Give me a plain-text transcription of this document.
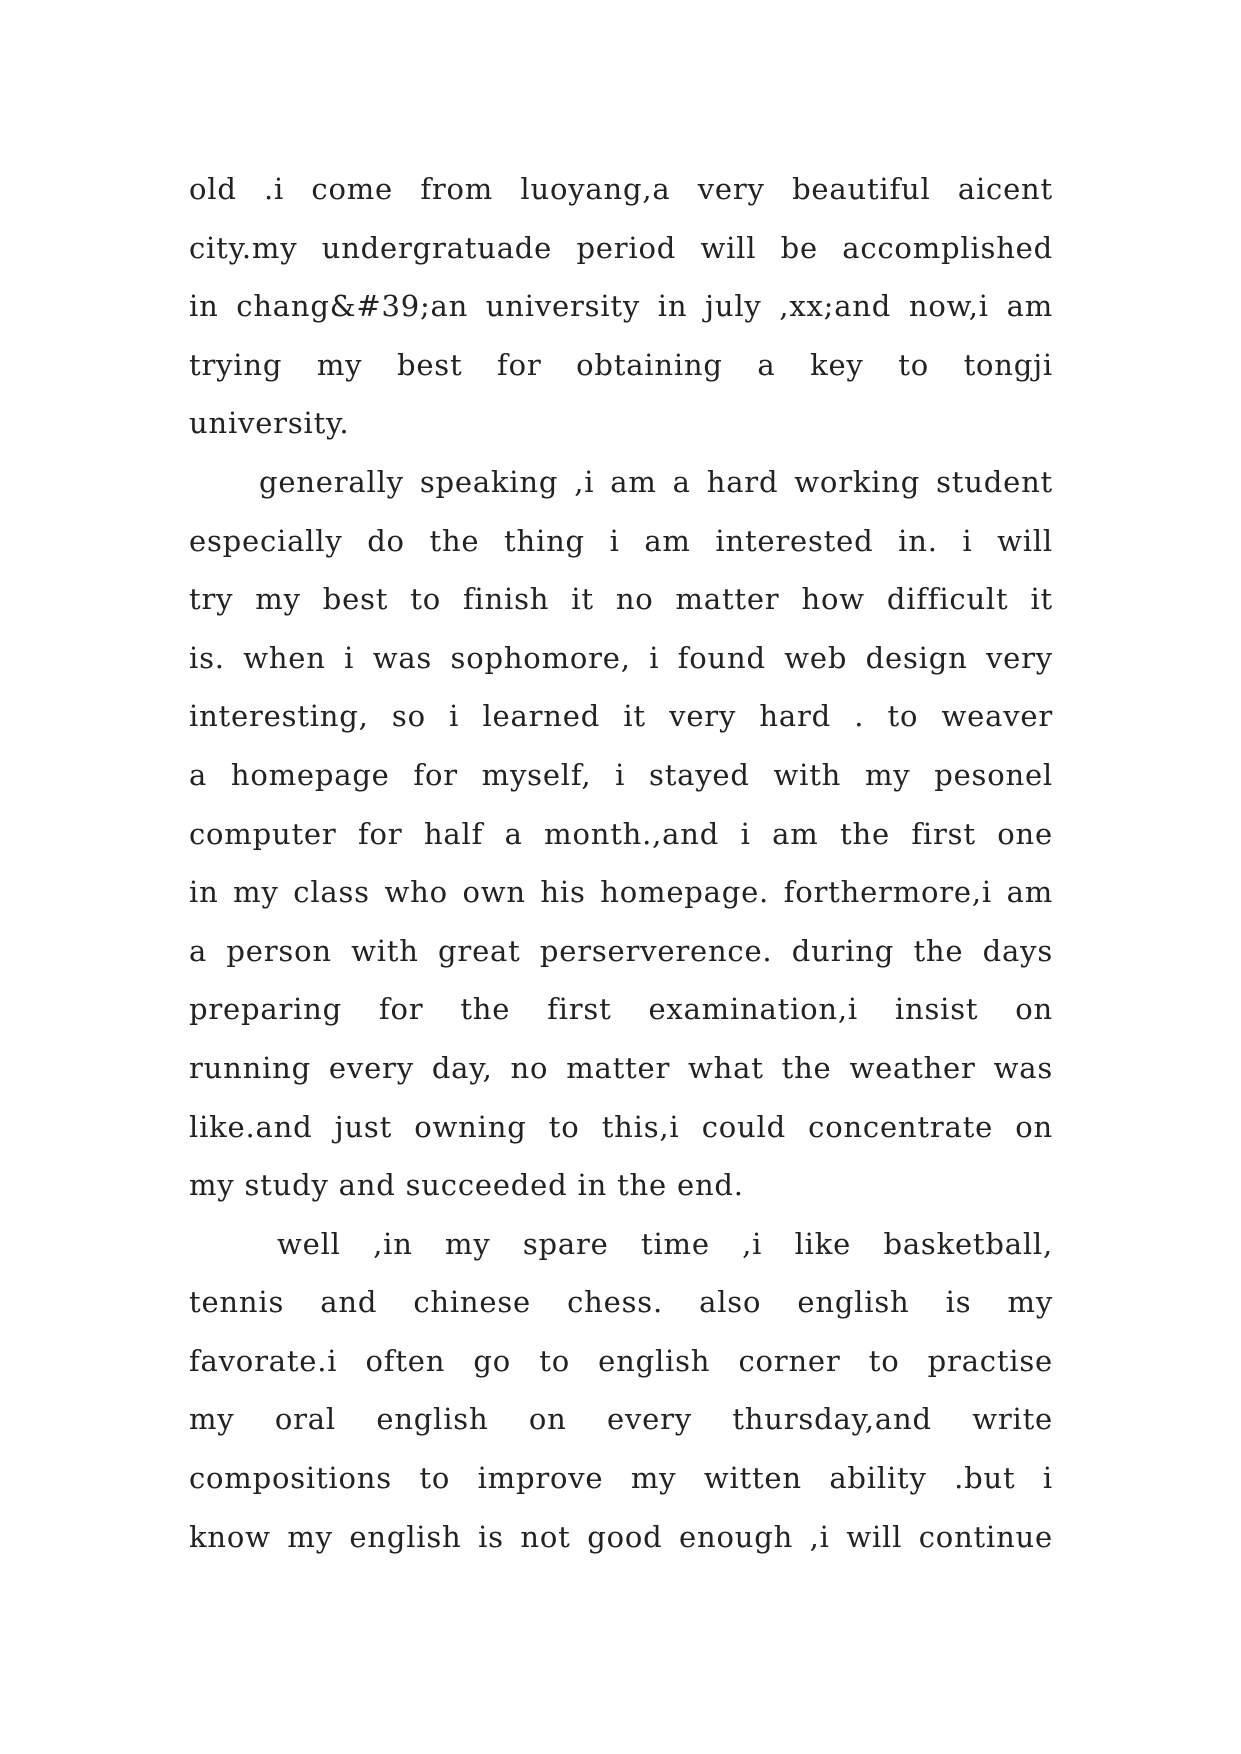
old .i come from luoyang,a very beautiful aicent
city.my undergratuade period will be accomplished
in chang&#39;an university in july ,xx;and now,i am
trying my best for obtaining a key to tongji
university.
generally speaking ,i am a hard working student
especially do the thing i am interested in. i will
try my best to finish it no matter how difficult it
is. when i was sophomore, i found web design very
interesting, so i learned it very hard . to weaver
a homepage for myself, i stayed with my pesonel
computer for half a month.,and i am the first one
in my class who own his homepage. forthermore,i am
a person with great perserverence. during the days
preparing for the first examination,i insist on
running every day, no matter what the weather was
like.and just owning to this,i could concentrate on
my study and succeeded in the end.
well ,in my spare time ,i like basketball,
tennis and chinese chess. also english is my
favorate.i often go to english corner to practise
my oral english on every thursday,and write
compositions to improve my witten ability .but i
know my english is not good enough ,i will continue
